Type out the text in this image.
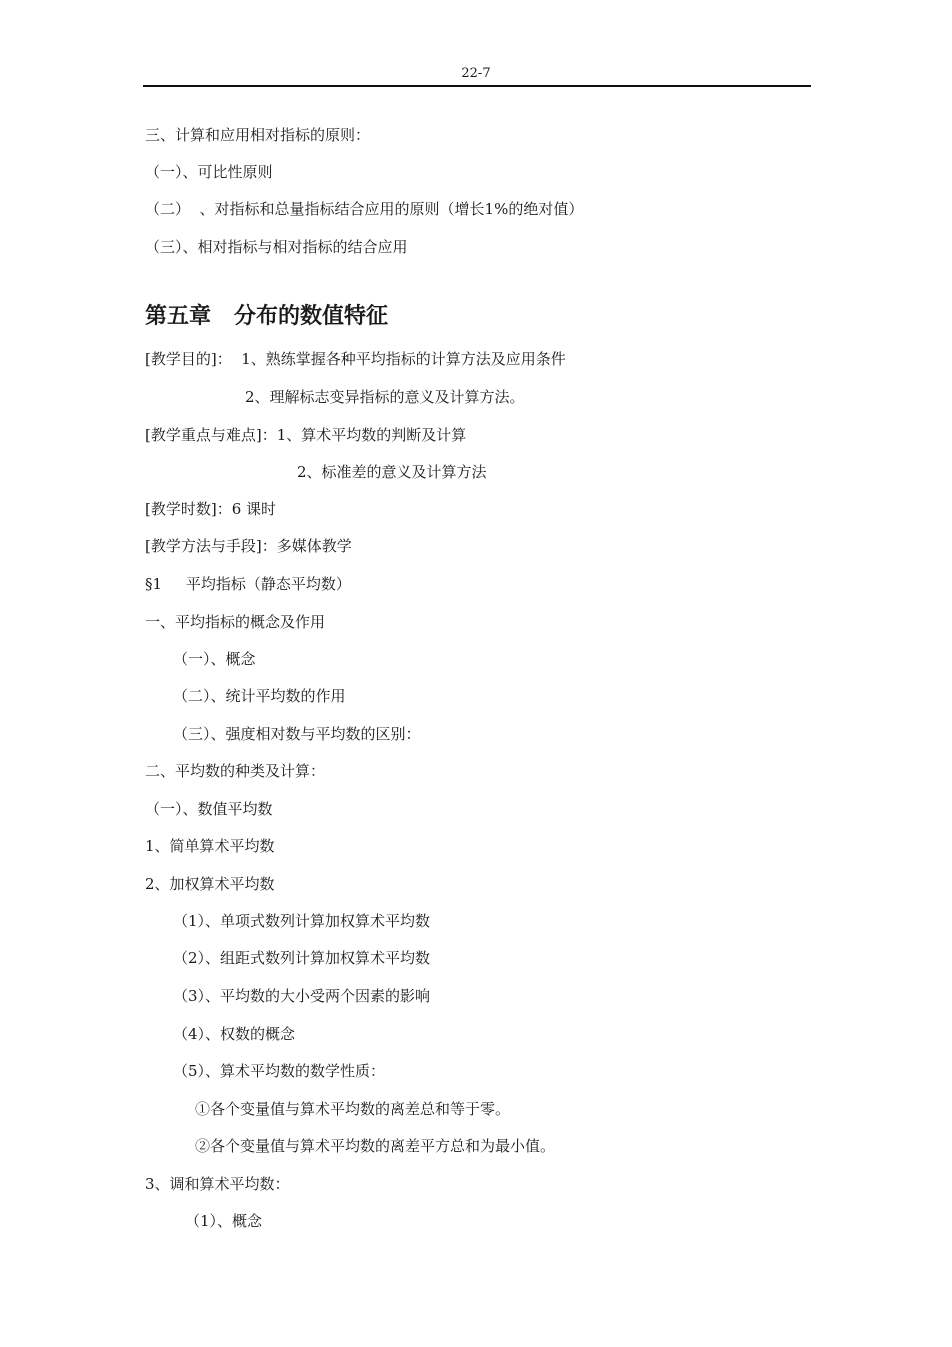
22-7
三、计算和应用相对指标的原则：
（一）、可比性原则
（二）  、对指标和总量指标结合应用的原则（增长1%的绝对值）
（三）、相对指标与相对指标的结合应用
第五章   分布的数值特征
[教学目的]：  1、熟练掌握各种平均指标的计算方法及应用条件
2、理解标志变异指标的意义及计算方法。
[教学重点与难点]：1、算术平均数的判断及计算
2、标准差的意义及计算方法
[教学时数]：6 课时
[教学方法与手段]：多媒体教学
§1     平均指标（静态平均数）
一、平均指标的概念及作用
（一）、概念
（二）、统计平均数的作用
（三）、强度相对数与平均数的区别：
二、平均数的种类及计算：
（一）、数值平均数
1、简单算术平均数
2、加权算术平均数
（1）、单项式数列计算加权算术平均数
（2）、组距式数列计算加权算术平均数
（3）、平均数的大小受两个因素的影响
（4）、权数的概念
（5）、算术平均数的数学性质：
①各个变量值与算术平均数的离差总和等于零。
②各个变量值与算术平均数的离差平方总和为最小值。
3、调和算术平均数：
（1）、概念
